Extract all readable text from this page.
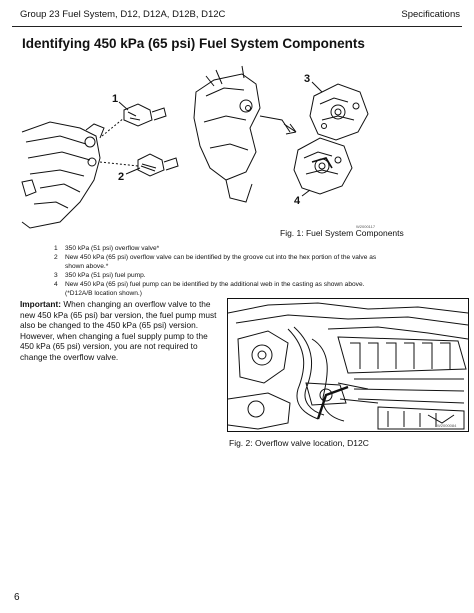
Group 23 Fuel System, D12, D12A, D12B, D12C	Specifications
Identifying 450 kPa (65 psi) Fuel System Components
1
2
3
4
W2000117
Fig. 1: Fuel System Components
1	350 kPa (51 psi) overflow valve*
2	New 450 kPa (65 psi) overflow valve can be identified by the groove cut into the hex portion of the valve as
shown above.*
3	350 kPa (51 psi) fuel pump.
4	New 450 kPa (65 psi) fuel pump can be identified by the additional web in the casting as shown above.
(*D12A/B location shown.)
Important: When changing an overflow valve to the new 450 kPa (65 psi) bar version, the fuel pump must also be changed to the 450 kPa (65 psi) version. However, when changing a fuel supply pump to the 450 kPa (65 psi) version, you are not required to change the overflow valve.
W2000084
Fig. 2: Overflow valve location, D12C
6
